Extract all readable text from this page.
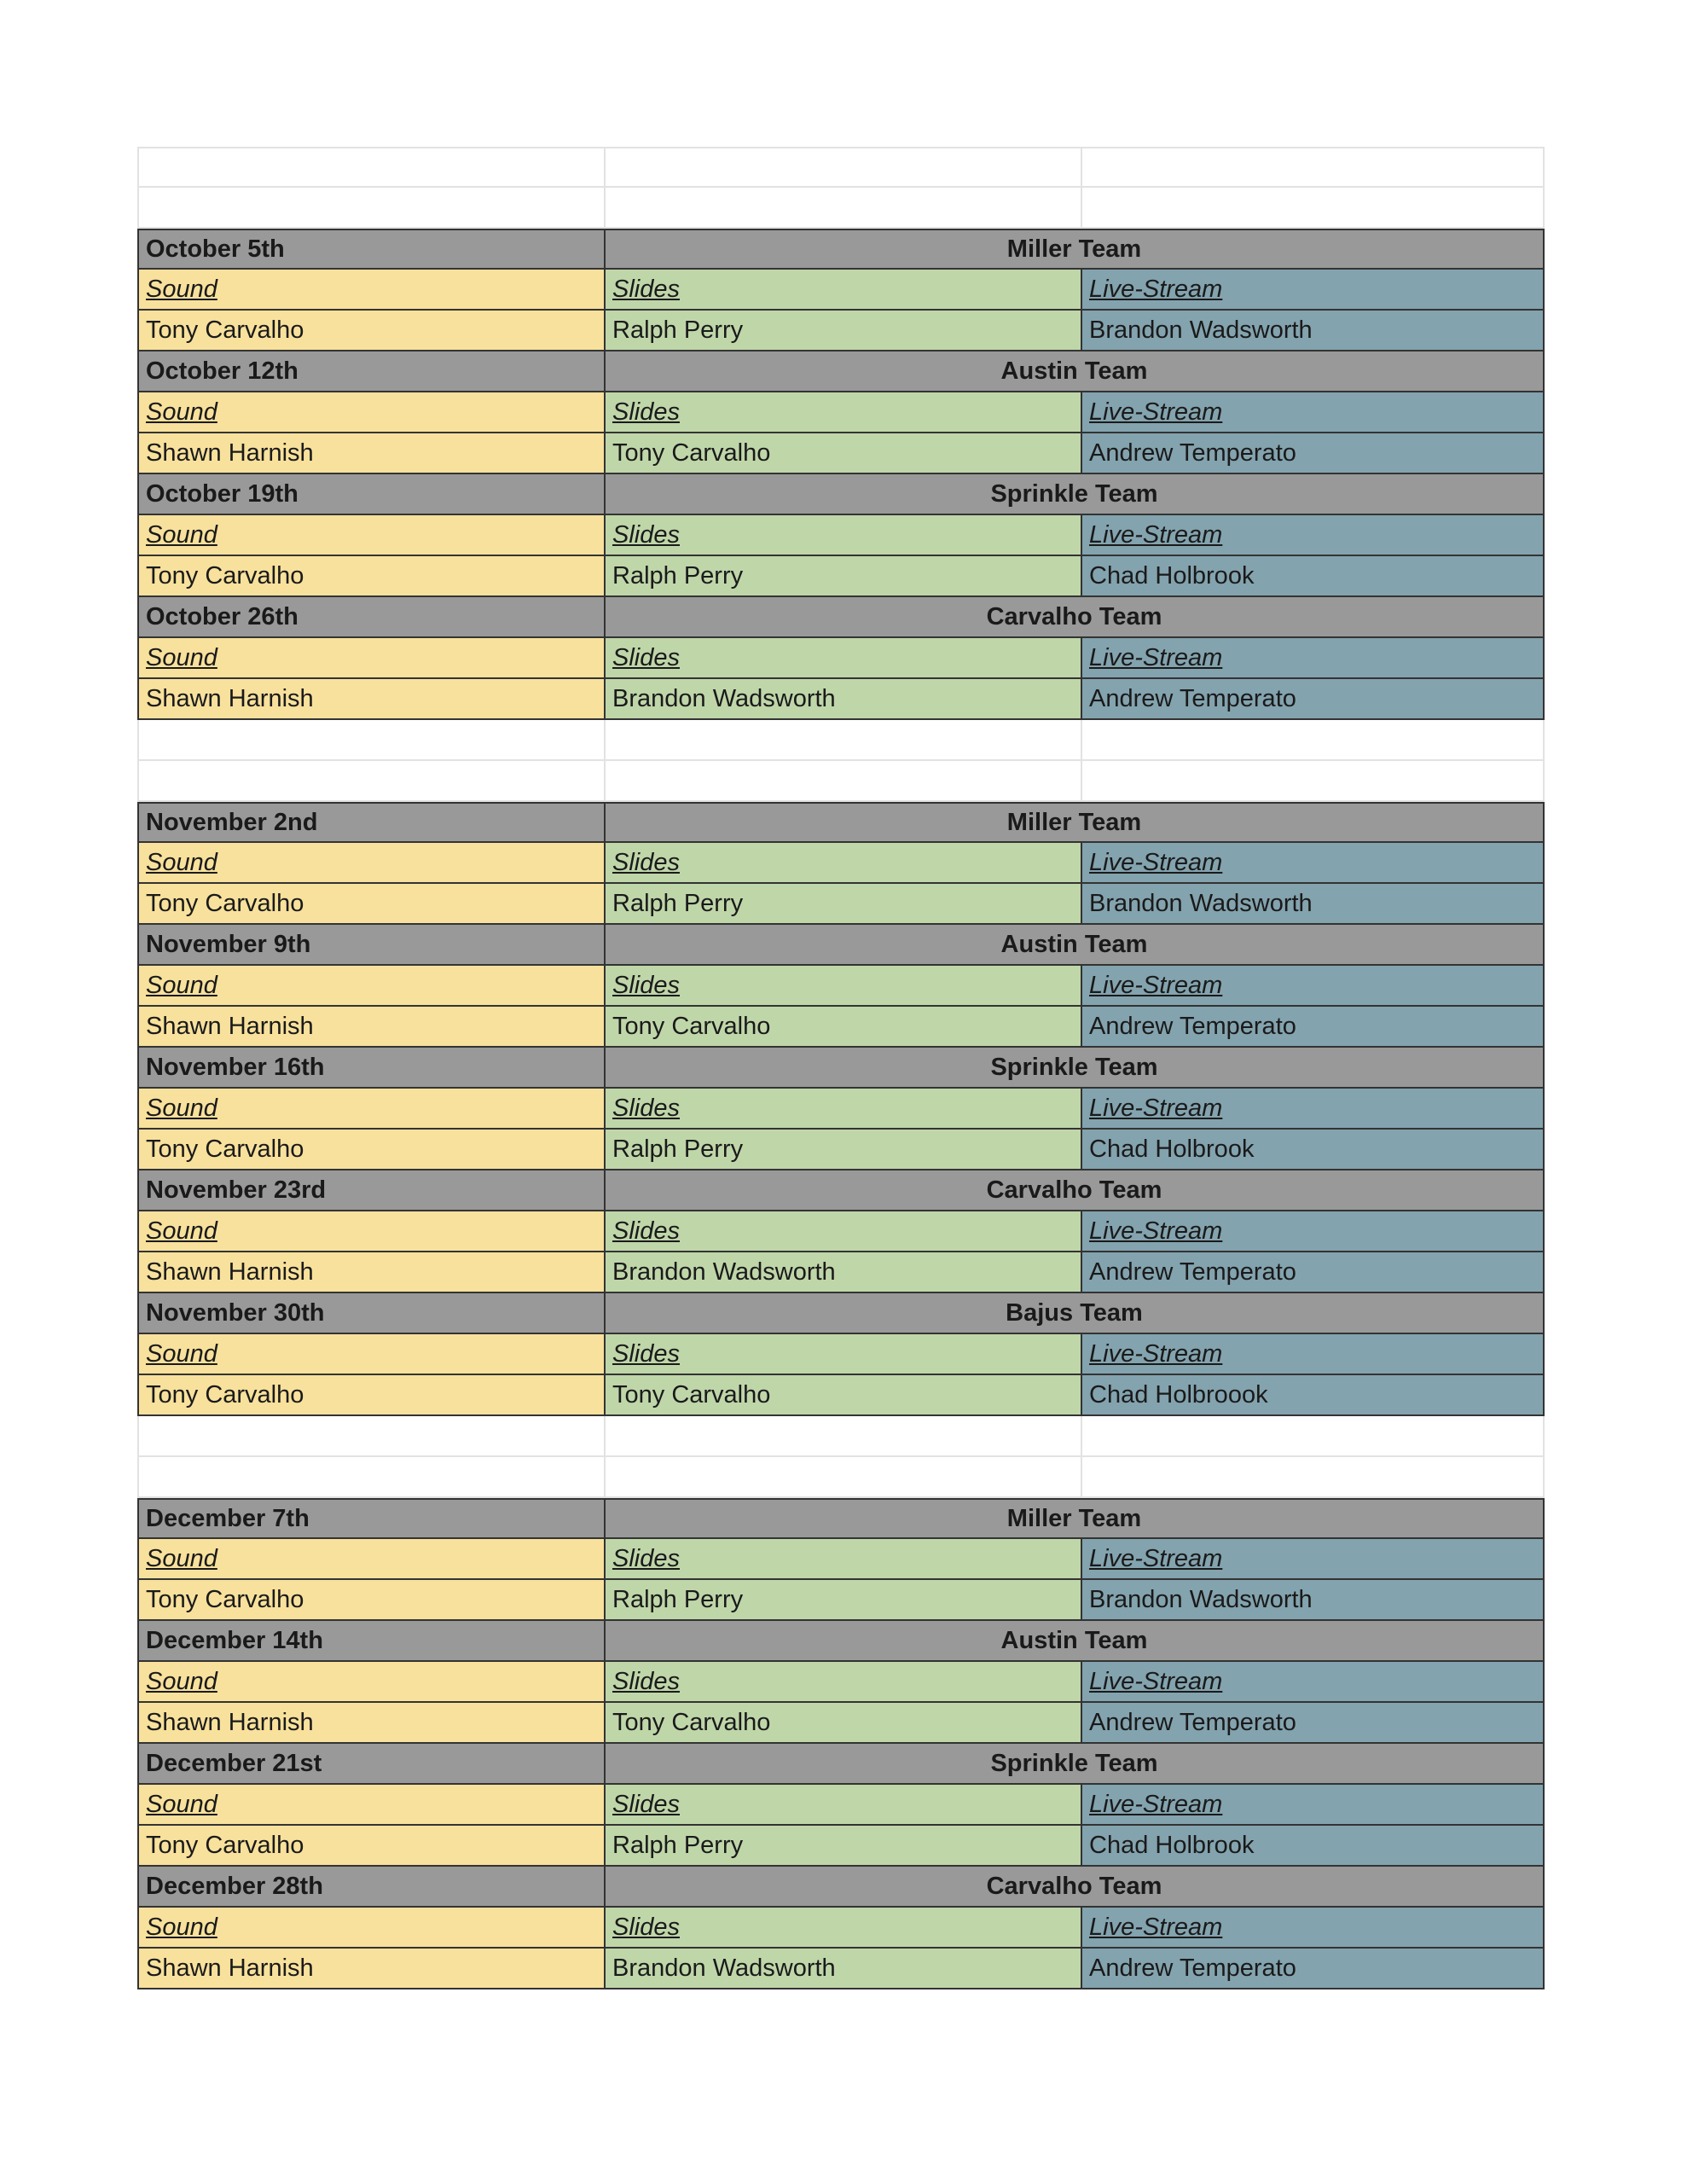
October 5th	Miller Team
Sound	Slides	Live-Stream
Tony Carvalho	Ralph Perry	Brandon Wadsworth
October 12th	Austin Team
Sound	Slides	Live-Stream
Shawn Harnish	Tony Carvalho	Andrew Temperato
October 19th	Sprinkle Team
Sound	Slides	Live-Stream
Tony Carvalho	Ralph Perry	Chad Holbrook
October 26th	Carvalho Team
Sound	Slides	Live-Stream
Shawn Harnish	Brandon Wadsworth	Andrew Temperato
November 2nd	Miller Team
Sound	Slides	Live-Stream
Tony Carvalho	Ralph Perry	Brandon Wadsworth
November 9th	Austin Team
Sound	Slides	Live-Stream
Shawn Harnish	Tony Carvalho	Andrew Temperato
November 16th	Sprinkle Team
Sound	Slides	Live-Stream
Tony Carvalho	Ralph Perry	Chad Holbrook
November 23rd	Carvalho Team
Sound	Slides	Live-Stream
Shawn Harnish	Brandon Wadsworth	Andrew Temperato
November 30th	Bajus Team
Sound	Slides	Live-Stream
Tony Carvalho	Tony Carvalho	Chad Holbroook
December 7th	Miller Team
Sound	Slides	Live-Stream
Tony Carvalho	Ralph Perry	Brandon Wadsworth
December 14th	Austin Team
Sound	Slides	Live-Stream
Shawn Harnish	Tony Carvalho	Andrew Temperato
December 21st	Sprinkle Team
Sound	Slides	Live-Stream
Tony Carvalho	Ralph Perry	Chad Holbrook
December 28th	Carvalho Team
Sound	Slides	Live-Stream
Shawn Harnish	Brandon Wadsworth	Andrew Temperato
